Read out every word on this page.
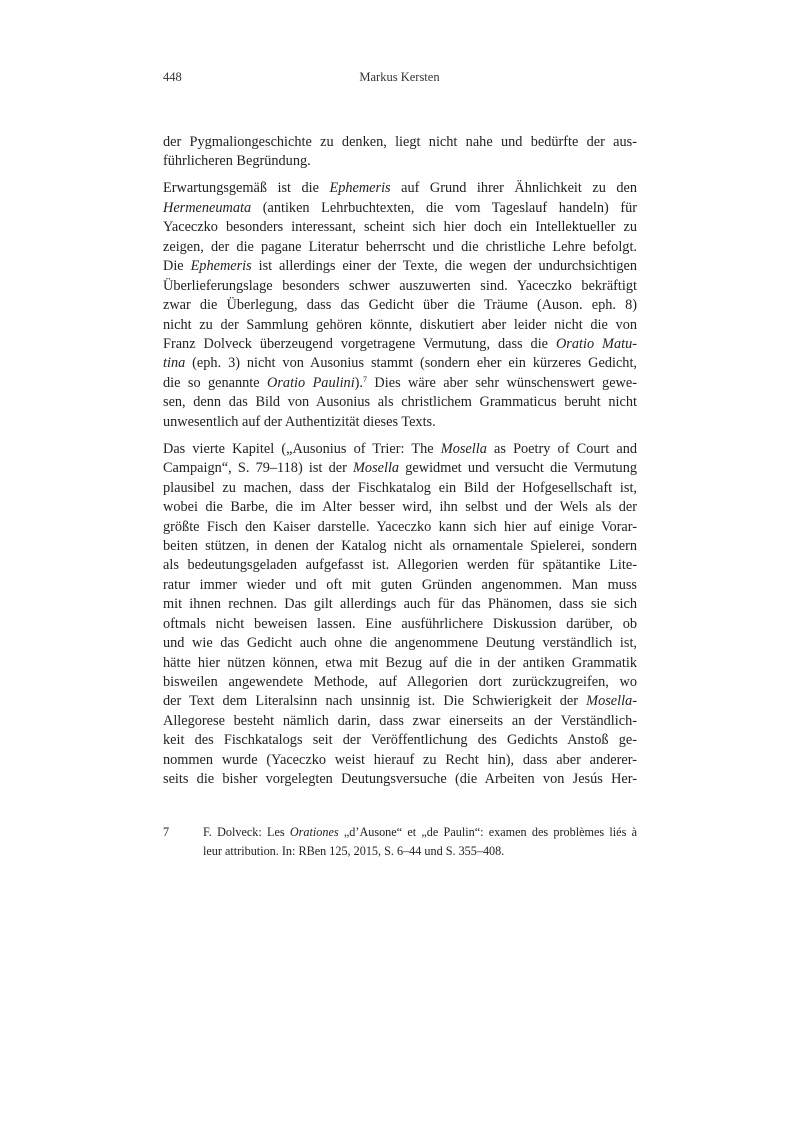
448	Markus Kersten
der Pygmaliongeschichte zu denken, liegt nicht nahe und bedürfte der aus-
führlicheren Begründung.
Erwartungsgemäß ist die Ephemeris auf Grund ihrer Ähnlichkeit zu den
Hermeneumata (antiken Lehrbuchtexten, die vom Tageslauf handeln) für
Yaceczko besonders interessant, scheint sich hier doch ein Intellektueller zu
zeigen, der die pagane Literatur beherrscht und die christliche Lehre befolgt.
Die Ephemeris ist allerdings einer der Texte, die wegen der undurchsichtigen
Überlieferungslage besonders schwer auszuwerten sind. Yaceczko bekräftigt
zwar die Überlegung, dass das Gedicht über die Träume (Auson. eph. 8)
nicht zu der Sammlung gehören könnte, diskutiert aber leider nicht die von
Franz Dolveck überzeugend vorgetragene Vermutung, dass die Oratio Matu-
tina (eph. 3) nicht von Ausonius stammt (sondern eher ein kürzeres Gedicht,
die so genannte Oratio Paulini).$^7$ Dies wäre aber sehr wünschenswert gewe-
sen, denn das Bild von Ausonius als christlichem Grammaticus beruht nicht
unwesentlich auf der Authentizität dieses Texts.
Das vierte Kapitel („Ausonius of Trier: The Mosella as Poetry of Court and
Campaign“, S. 79–118) ist der Mosella gewidmet und versucht die Vermutung
plausibel zu machen, dass der Fischkatalog ein Bild der Hofgesellschaft ist,
wobei die Barbe, die im Alter besser wird, ihn selbst und der Wels als der
größte Fisch den Kaiser darstelle. Yaceczko kann sich hier auf einige Vorar-
beiten stützen, in denen der Katalog nicht als ornamentale Spielerei, sondern
als bedeutungsgeladen aufgefasst ist. Allegorien werden für spätantike Lite-
ratur immer wieder und oft mit guten Gründen angenommen. Man muss
mit ihnen rechnen. Das gilt allerdings auch für das Phänomen, dass sie sich
oftmals nicht beweisen lassen. Eine ausführlichere Diskussion darüber, ob
und wie das Gedicht auch ohne die angenommene Deutung verständlich ist,
hätte hier nützen können, etwa mit Bezug auf die in der antiken Grammatik
bisweilen angewendete Methode, auf Allegorien dort zurückzugreifen, wo
der Text dem Literalsinn nach unsinnig ist. Die Schwierigkeit der Mosella-
Allegorese besteht nämlich darin, dass zwar einerseits an der Verständlich-
keit des Fischkatalogs seit der Veröffentlichung des Gedichts Anstoß ge-
nommen wurde (Yaceczko weist hierauf zu Recht hin), dass aber anderer-
seits die bisher vorgelegten Deutungsversuche (die Arbeiten von Jesús Her-
7	F. Dolveck: Les Orationes „d’Ausone“ et „de Paulin“: examen des problèmes liés à
leur attribution. In: RBen 125, 2015, S. 6–44 und S. 355–408.
